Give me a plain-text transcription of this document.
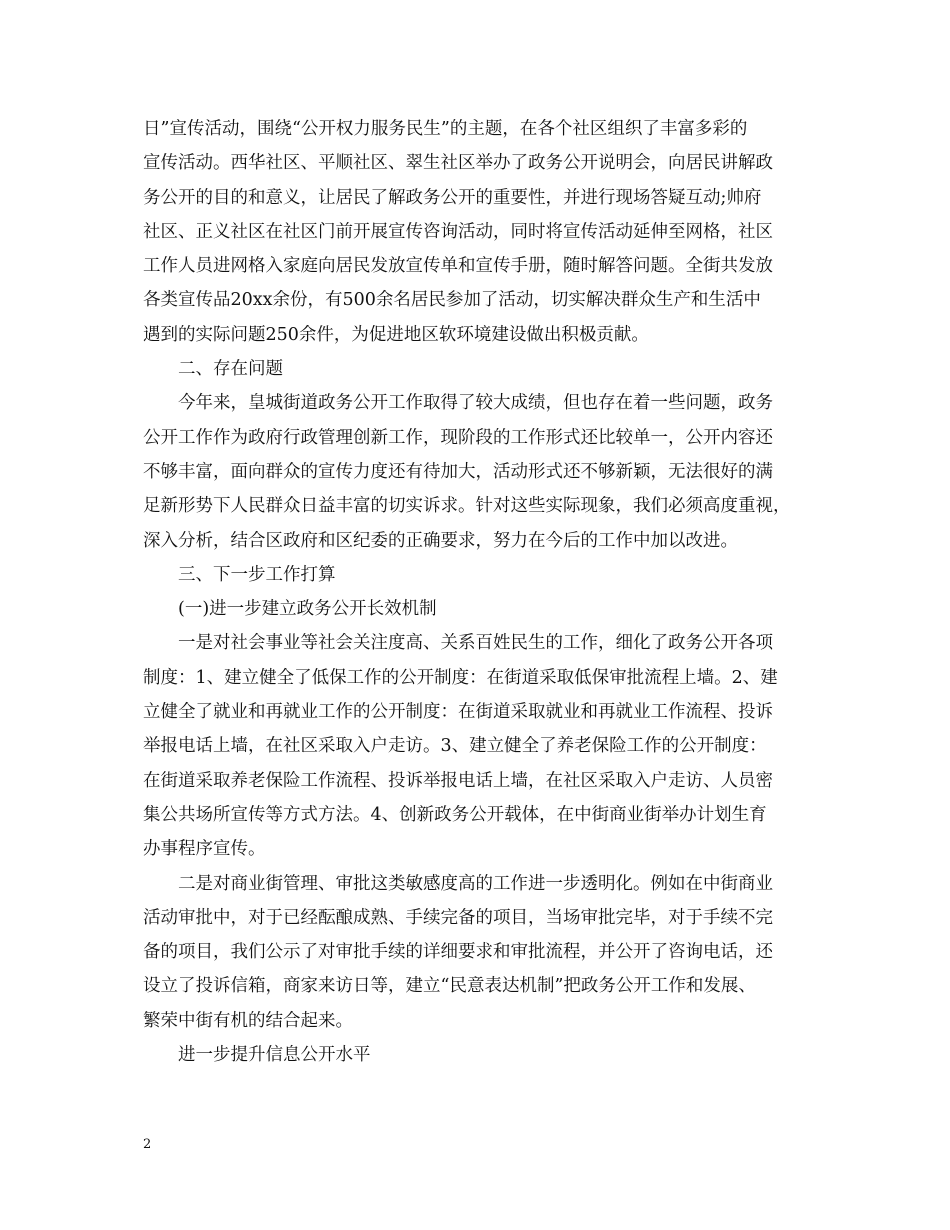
日”宣传活动，围绕“公开权力服务民生”的主题，在各个社区组织了丰富多彩的
宣传活动。西华社区、平顺社区、翠生社区举办了政务公开说明会，向居民讲解政
务公开的目的和意义，让居民了解政务公开的重要性，并进行现场答疑互动;帅府
社区、正义社区在社区门前开展宣传咨询活动，同时将宣传活动延伸至网格，社区
工作人员进网格入家庭向居民发放宣传单和宣传手册，随时解答问题。全街共发放
各类宣传品20xx余份，有500余名居民参加了活动，切实解决群众生产和生活中
遇到的实际问题250余件，为促进地区软环境建设做出积极贡献。
二、存在问题
今年来，皇城街道政务公开工作取得了较大成绩，但也存在着一些问题，政务
公开工作作为政府行政管理创新工作，现阶段的工作形式还比较单一，公开内容还
不够丰富，面向群众的宣传力度还有待加大，活动形式还不够新颖，无法很好的满
足新形势下人民群众日益丰富的切实诉求。针对这些实际现象，我们必须高度重视，
深入分析，结合区政府和区纪委的正确要求，努力在今后的工作中加以改进。
三、下一步工作打算
(一)进一步建立政务公开长效机制
一是对社会事业等社会关注度高、关系百姓民生的工作，细化了政务公开各项
制度：1、建立健全了低保工作的公开制度：在街道采取低保审批流程上墙。2、建
立健全了就业和再就业工作的公开制度：在街道采取就业和再就业工作流程、投诉
举报电话上墙，在社区采取入户走访。3、建立健全了养老保险工作的公开制度：
在街道采取养老保险工作流程、投诉举报电话上墙，在社区采取入户走访、人员密
集公共场所宣传等方式方法。4、创新政务公开载体，在中街商业街举办计划生育
办事程序宣传。
二是对商业街管理、审批这类敏感度高的工作进一步透明化。例如在中街商业
活动审批中，对于已经酝酿成熟、手续完备的项目，当场审批完毕，对于手续不完
备的项目，我们公示了对审批手续的详细要求和审批流程，并公开了咨询电话，还
设立了投诉信箱，商家来访日等，建立“民意表达机制”把政务公开工作和发展、
繁荣中街有机的结合起来。
进一步提升信息公开水平
2
